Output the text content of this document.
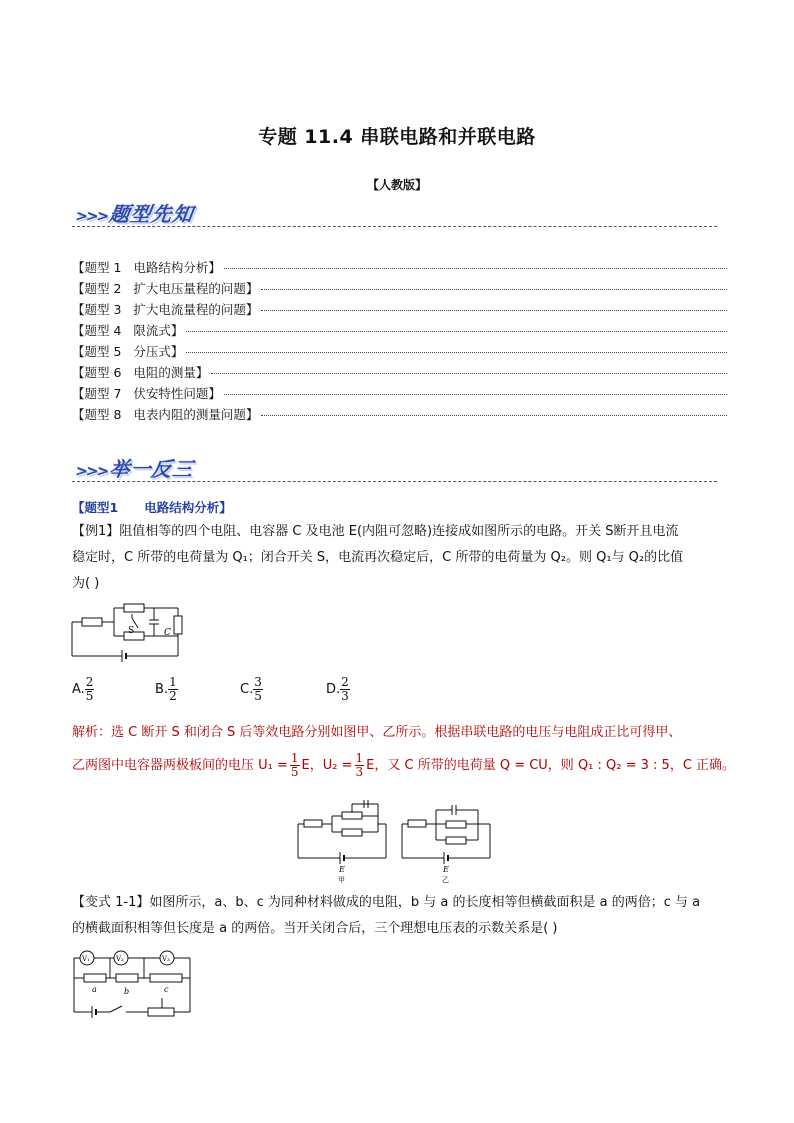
专题 11.4 串联电路和并联电路
【人教版】
>>>题型先知
【题型 1   电路结构分析】
【题型 2   扩大电压量程的问题】
【题型 3   扩大电流量程的问题】
【题型 4   限流式】
【题型 5   分压式】
【题型 6   电阻的测量】
【题型 7   伏安特性问题】
【题型 8   电表内阻的测量问题】
>>>举一反三
【题型1      电路结构分析】
【例1】阻值相等的四个电阻、电容器 C 及电池 E(内阻可忽略)连接成如图所示的电路。开关 S断开且电流
稳定时，C 所带的电荷量为 Q₁；闭合开关 S，电流再次稳定后，C 所带的电荷量为 Q₂。则 Q₁与 Q₂的比值
为( )
S	C
A. $\frac{2}{5}$	B. $\frac{1}{2}$	C. $\frac{3}{5}$	D. $\frac{2}{3}$
解析：选 C 断开 S 和闭合 S 后等效电路分别如图甲、乙所示。根据串联电路的电压与电阻成正比可得甲、
乙两图中电容器两极板间的电压 $U_1 = \frac{1}{5}$ E，$U_2 = \frac{1}{3}$ E，又 C 所带的电荷量 Q = CU，则 Q₁ : Q₂ = 3 : 5，C 正确。
E
甲
E
乙
【变式 1-1】如图所示，a、b、c 为同种材料做成的电阻，b 与 a 的长度相等但横截面积是 a 的两倍；c 与 a
的横截面积相等但长度是 a 的两倍。当开关闭合后，三个理想电压表的示数关系是( )
V₁	V₂	V₃
a	b	c
